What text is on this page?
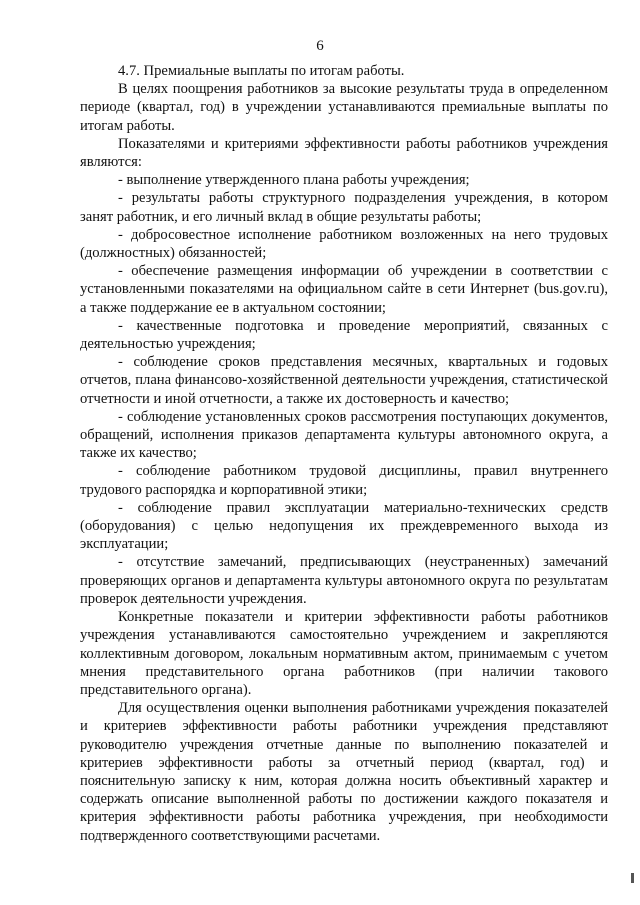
6

4.7. Премиальные выплаты по итогам работы.

В целях поощрения работников за высокие результаты труда в определенном периоде (квартал, год) в учреждении устанавливаются премиальные выплаты по итогам работы.

Показателями и критериями эффективности работы работников учреждения являются:

- выполнение утвержденного плана работы учреждения;

- результаты работы структурного подразделения учреждения, в котором занят работник, и его личный вклад в общие результаты работы;

- добросовестное исполнение работником возложенных на него трудовых (должностных) обязанностей;

- обеспечение размещения информации об учреждении в соответствии с установленными показателями на официальном сайте в сети Интернет (bus.gov.ru), а также поддержание ее в актуальном состоянии;

- качественные подготовка и проведение мероприятий, связанных с деятельностью учреждения;

- соблюдение сроков представления месячных, квартальных и годовых отчетов, плана финансово-хозяйственной деятельности учреждения, статистической отчетности и иной отчетности, а также их достоверность и качество;

- соблюдение установленных сроков рассмотрения поступающих документов, обращений, исполнения приказов департамента культуры автономного округа, а также их качество;

- соблюдение работником трудовой дисциплины, правил внутреннего трудового распорядка и корпоративной этики;

- соблюдение правил эксплуатации материально-технических средств (оборудования) с целью недопущения их преждевременного выхода из эксплуатации;

- отсутствие замечаний, предписывающих (неустраненных) замечаний проверяющих органов и департамента культуры автономного округа по результатам проверок деятельности учреждения.

Конкретные показатели и критерии эффективности работы работников учреждения устанавливаются самостоятельно учреждением и закрепляются коллективным договором, локальным нормативным актом, принимаемым с учетом мнения представительного органа работников (при наличии такового представительного органа).

Для осуществления оценки выполнения работниками учреждения показателей и критериев эффективности работы работники учреждения представляют руководителю учреждения отчетные данные по выполнению показателей и критериев эффективности работы за отчетный период (квартал, год) и пояснительную записку к ним, которая должна носить объективный характер и содержать описание выполненной работы по достижении каждого показателя и критерия эффективности работы работника учреждения, при необходимости подтвержденного соответствующими расчетами.
